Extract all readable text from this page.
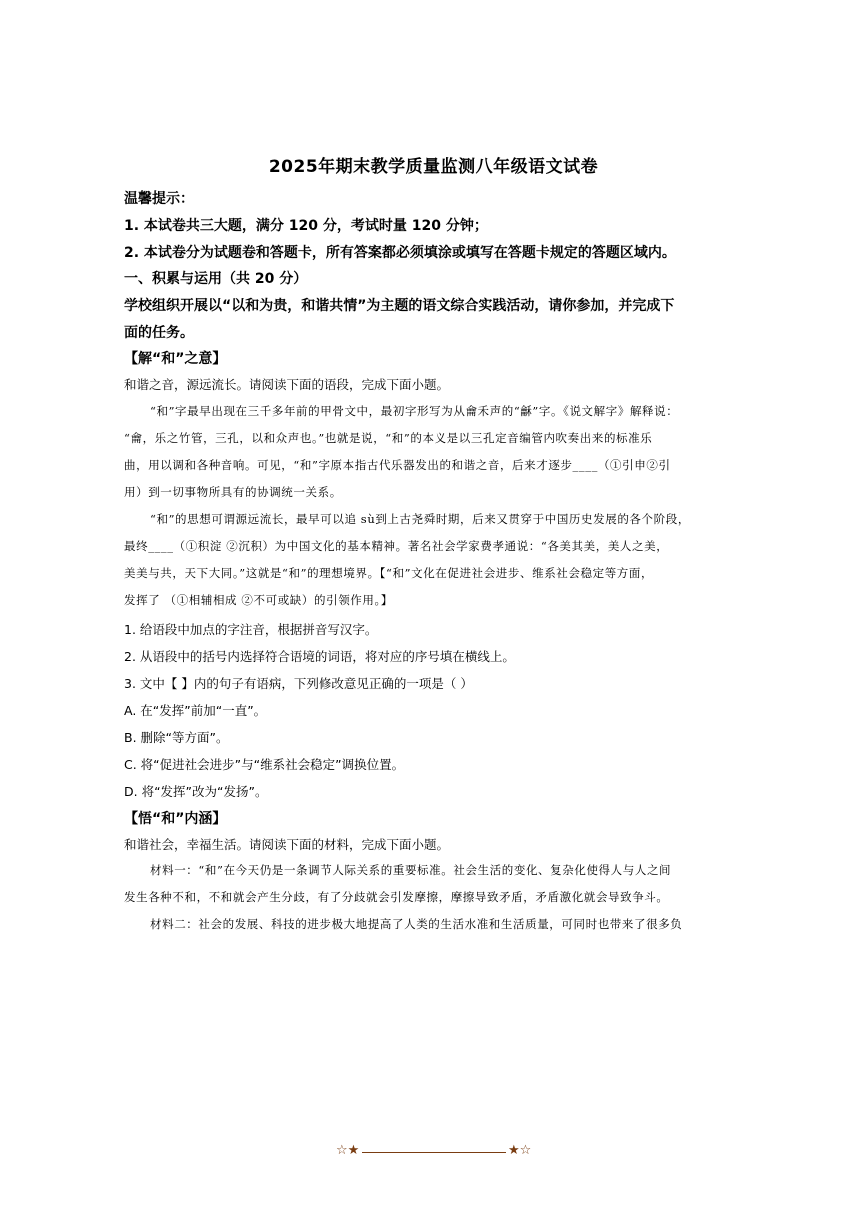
2025年期末教学质量监测八年级语文试卷
温馨提示：
1. 本试卷共三大题，满分 120 分，考试时量 120 分钟；
2. 本试卷分为试题卷和答题卡，所有答案都必须填涂或填写在答题卡规定的答题区域内。
一、积累与运用（共 20 分）
学校组织开展以“以和为贵，和谐共情”为主题的语文综合实践活动，请你参加，并完成下
面的任务。
【解“和”之意】
和谐之音，源远流长。请阅读下面的语段，完成下面小题。
“和”字最早出现在三千多年前的甲骨文中，最初字形写为从龠禾声的“龢”字。《说文解字》解释说：
“龠，乐之竹管，三孔，以和众声也。”也就是说，“和”的本义是以三孔定音编管内吹奏出来的标准乐
曲，用以调和各种音响。可见，“和”字原本指古代乐器发出的和谐之音，后来才逐步____（①引申②引
用）到一切事物所具有的协调统一关系。
“和”的思想可谓源远流长，最早可以追 sù到上古尧舜时期，后来又贯穿于中国历史发展的各个阶段，
最终____（①积淀 ②沉积）为中国文化的基本精神。著名社会学家费孝通说：“各美其美，美人之美，
美美与共，天下大同。”这就是“和”的理想境界。【“和”文化在促进社会进步、维系社会稳定等方面，
发挥了 （①相辅相成 ②不可或缺）的引领作用。】
1. 给语段中加点的字注音，根据拼音写汉字。
2. 从语段中的括号内选择符合语境的词语，将对应的序号填在横线上。
3. 文中【 】内的句子有语病，下列修改意见正确的一项是（ ）
A. 在“发挥”前加“一直”。
B. 删除“等方面”。
C. 将“促进社会进步”与“维系社会稳定”调换位置。
D. 将“发挥”改为“发扬”。
【悟“和”内涵】
和谐社会，幸福生活。请阅读下面的材料，完成下面小题。
材料一：“和”在今天仍是一条调节人际关系的重要标准。社会生活的变化、复杂化使得人与人之间
发生各种不和，不和就会产生分歧，有了分歧就会引发摩擦，摩擦导致矛盾，矛盾激化就会导致争斗。
材料二：社会的发展、科技的进步极大地提高了人类的生活水准和生活质量，可同时也带来了很多负
☆★	★☆
